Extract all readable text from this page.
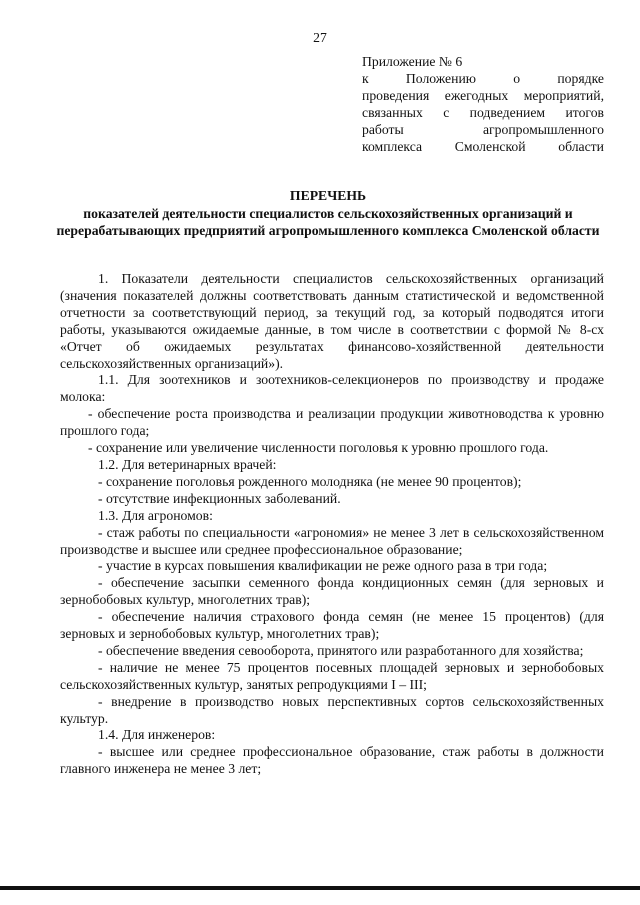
27
Приложение № 6
к Положению о порядке
проведения ежегодных мероприятий,
связанных с подведением итогов
работы агропромышленного
комплекса Смоленской области
ПЕРЕЧЕНЬ
показателей деятельности специалистов сельскохозяйственных организаций и перерабатывающих предприятий агропромышленного комплекса Смоленской области
1. Показатели деятельности специалистов сельскохозяйственных организаций (значения показателей должны соответствовать данным статистической и ведомственной отчетности за соответствующий период, за текущий год, за который подводятся итоги работы, указываются ожидаемые данные, в том числе в соответствии с формой № 8-сх «Отчет об ожидаемых результатах финансово-хозяйственной деятельности сельскохозяйственных организаций»).
1.1. Для зоотехников и зоотехников-селекционеров по производству и продаже молока:
- обеспечение роста производства и реализации продукции животноводства к уровню прошлого года;
- сохранение или увеличение численности поголовья к уровню прошлого года.
1.2. Для ветеринарных врачей:
- сохранение поголовья рожденного молодняка (не менее 90 процентов);
- отсутствие инфекционных заболеваний.
1.3. Для агрономов:
- стаж работы по специальности «агрономия» не менее 3 лет в сельскохозяйственном производстве и высшее или среднее профессиональное образование;
- участие в курсах повышения квалификации не реже одного раза в три года;
- обеспечение засыпки семенного фонда кондиционных семян (для зерновых и зернобобовых культур, многолетних трав);
- обеспечение наличия страхового фонда семян (не менее 15 процентов) (для зерновых и зернобобовых культур, многолетних трав);
- обеспечение введения севооборота, принятого или разработанного для хозяйства;
- наличие не менее 75 процентов посевных площадей зерновых и зернобобовых сельскохозяйственных культур, занятых репродукциями I – III;
- внедрение в производство новых перспективных сортов сельскохозяйственных культур.
1.4. Для инженеров:
- высшее или среднее профессиональное образование, стаж работы в должности главного инженера не менее 3 лет;
